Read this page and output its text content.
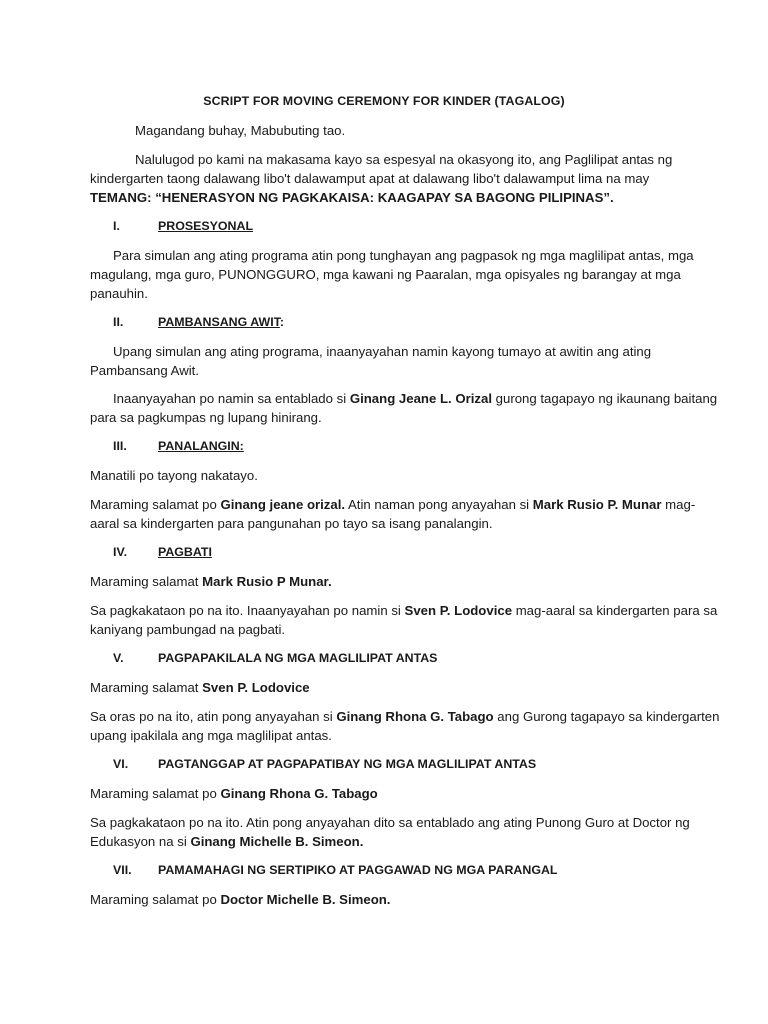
SCRIPT FOR MOVING CEREMONY FOR KINDER (TAGALOG)
Magandang buhay, Mabubuting tao.
Nalulugod po kami na makasama kayo sa espesyal na okasyong ito, ang Paglilipat antas ng
kindergarten taong dalawang libo't dalawamput apat at dalawang libo't dalawamput lima na may
TEMANG: “HENERASYON NG PAGKAKAISA: KAAGAPAY SA BAGONG PILIPINAS”.
I.	PROSESYONAL
Para simulan ang ating programa atin pong tunghayan ang pagpasok ng mga maglilipat antas, mga
magulang, mga guro, PUNONGGURO, mga kawani ng Paaralan, mga opisyales ng barangay at mga
panauhin.
II.	PAMBANSANG AWIT:
Upang simulan ang ating programa, inaanyayahan namin kayong tumayo at awitin ang ating
Pambansang Awit.
Inaanyayahan po namin sa entablado si Ginang Jeane L. Orizal gurong tagapayo ng ikaunang baitang
para sa pagkumpas ng lupang hinirang.
III.	PANALANGIN:
Manatili po tayong nakatayo.
Maraming salamat po Ginang jeane orizal. Atin naman pong anyayahan si Mark Rusio P. Munar mag-
aaral sa kindergarten para pangunahan po tayo sa isang panalangin.
IV. PAGBATI
Maraming salamat Mark Rusio P Munar.
Sa pagkakataon po na ito. Inaanyayahan po namin si Sven P. Lodovice mag-aaral sa kindergarten para sa
kaniyang pambungad na pagbati.
V.	PAGPAPAKILALA NG MGA MAGLILIPAT ANTAS
Maraming salamat Sven P. Lodovice
Sa oras po na ito, atin pong anyayahan si Ginang Rhona G. Tabago ang Gurong tagapayo sa kindergarten
upang ipakilala ang mga maglilipat antas.
VI. PAGTANGGAP AT PAGPAPATIBAY NG MGA MAGLILIPAT ANTAS
Maraming salamat po Ginang Rhona G. Tabago
Sa pagkakataon po na ito. Atin pong anyayahan dito sa entablado ang ating Punong Guro at Doctor ng
Edukasyon na si Ginang Michelle B. Simeon.
VII. PAMAMAHAGI NG SERTIPIKO AT PAGGAWAD NG MGA PARANGAL
Maraming salamat po Doctor Michelle B. Simeon.
